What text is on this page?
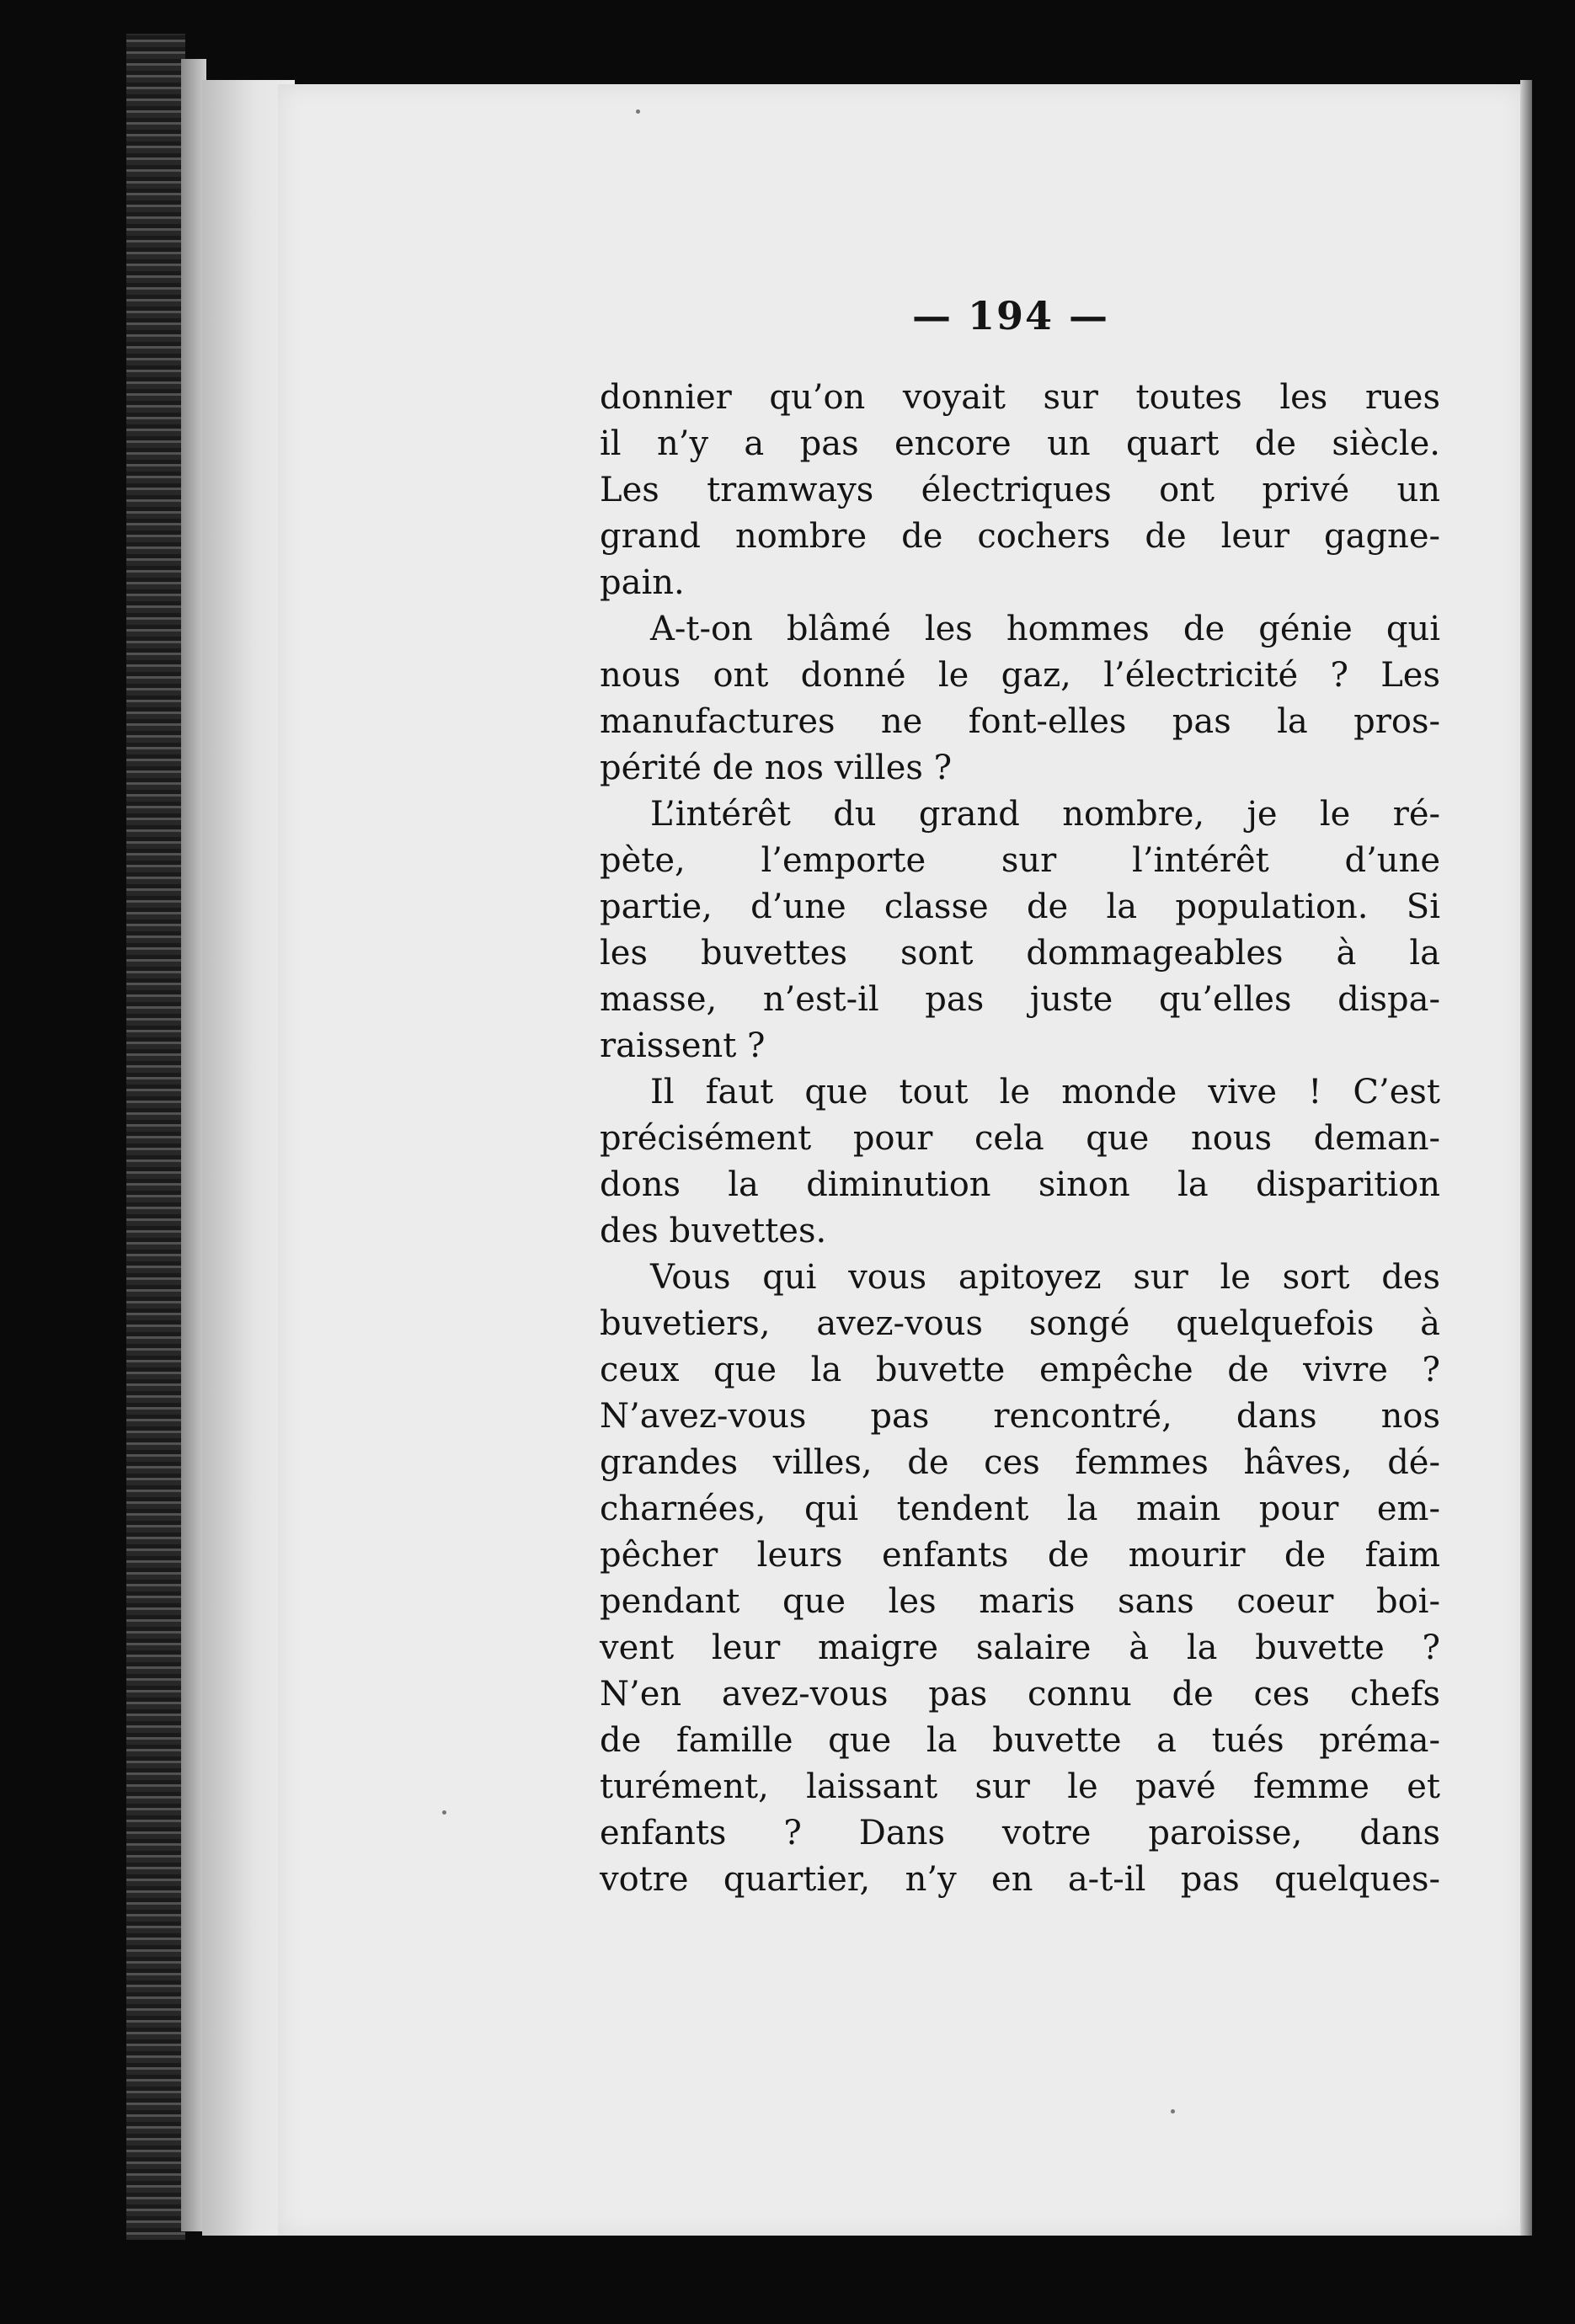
— 194 —
donnier qu’on voyait sur toutes les rues
il n’y a pas encore un quart de siècle.
Les tramways électriques ont privé un
grand nombre de cochers de leur gagne-
pain.
A-t-on blâmé les hommes de génie qui
nous ont donné le gaz, l’électricité ? Les
manufactures ne font-elles pas la pros-
périté de nos villes ?
L’intérêt du grand nombre, je le ré-
pète, l’emporte sur l’intérêt d’une
partie, d’une classe de la population. Si
les buvettes sont dommageables à la
masse, n’est-il pas juste qu’elles dispa-
raissent ?
Il faut que tout le monde vive ! C’est
précisément pour cela que nous deman-
dons la diminution sinon la disparition
des buvettes.
Vous qui vous apitoyez sur le sort des
buvetiers, avez-vous songé quelquefois à
ceux que la buvette empêche de vivre ?
N’avez-vous pas rencontré, dans nos
grandes villes, de ces femmes hâves, dé-
charnées, qui tendent la main pour em-
pêcher leurs enfants de mourir de faim
pendant que les maris sans coeur boi-
vent leur maigre salaire à la buvette ?
N’en avez-vous pas connu de ces chefs
de famille que la buvette a tués préma-
turément, laissant sur le pavé femme et
enfants ? Dans votre paroisse, dans
votre quartier, n’y en a-t-il pas quelques-
